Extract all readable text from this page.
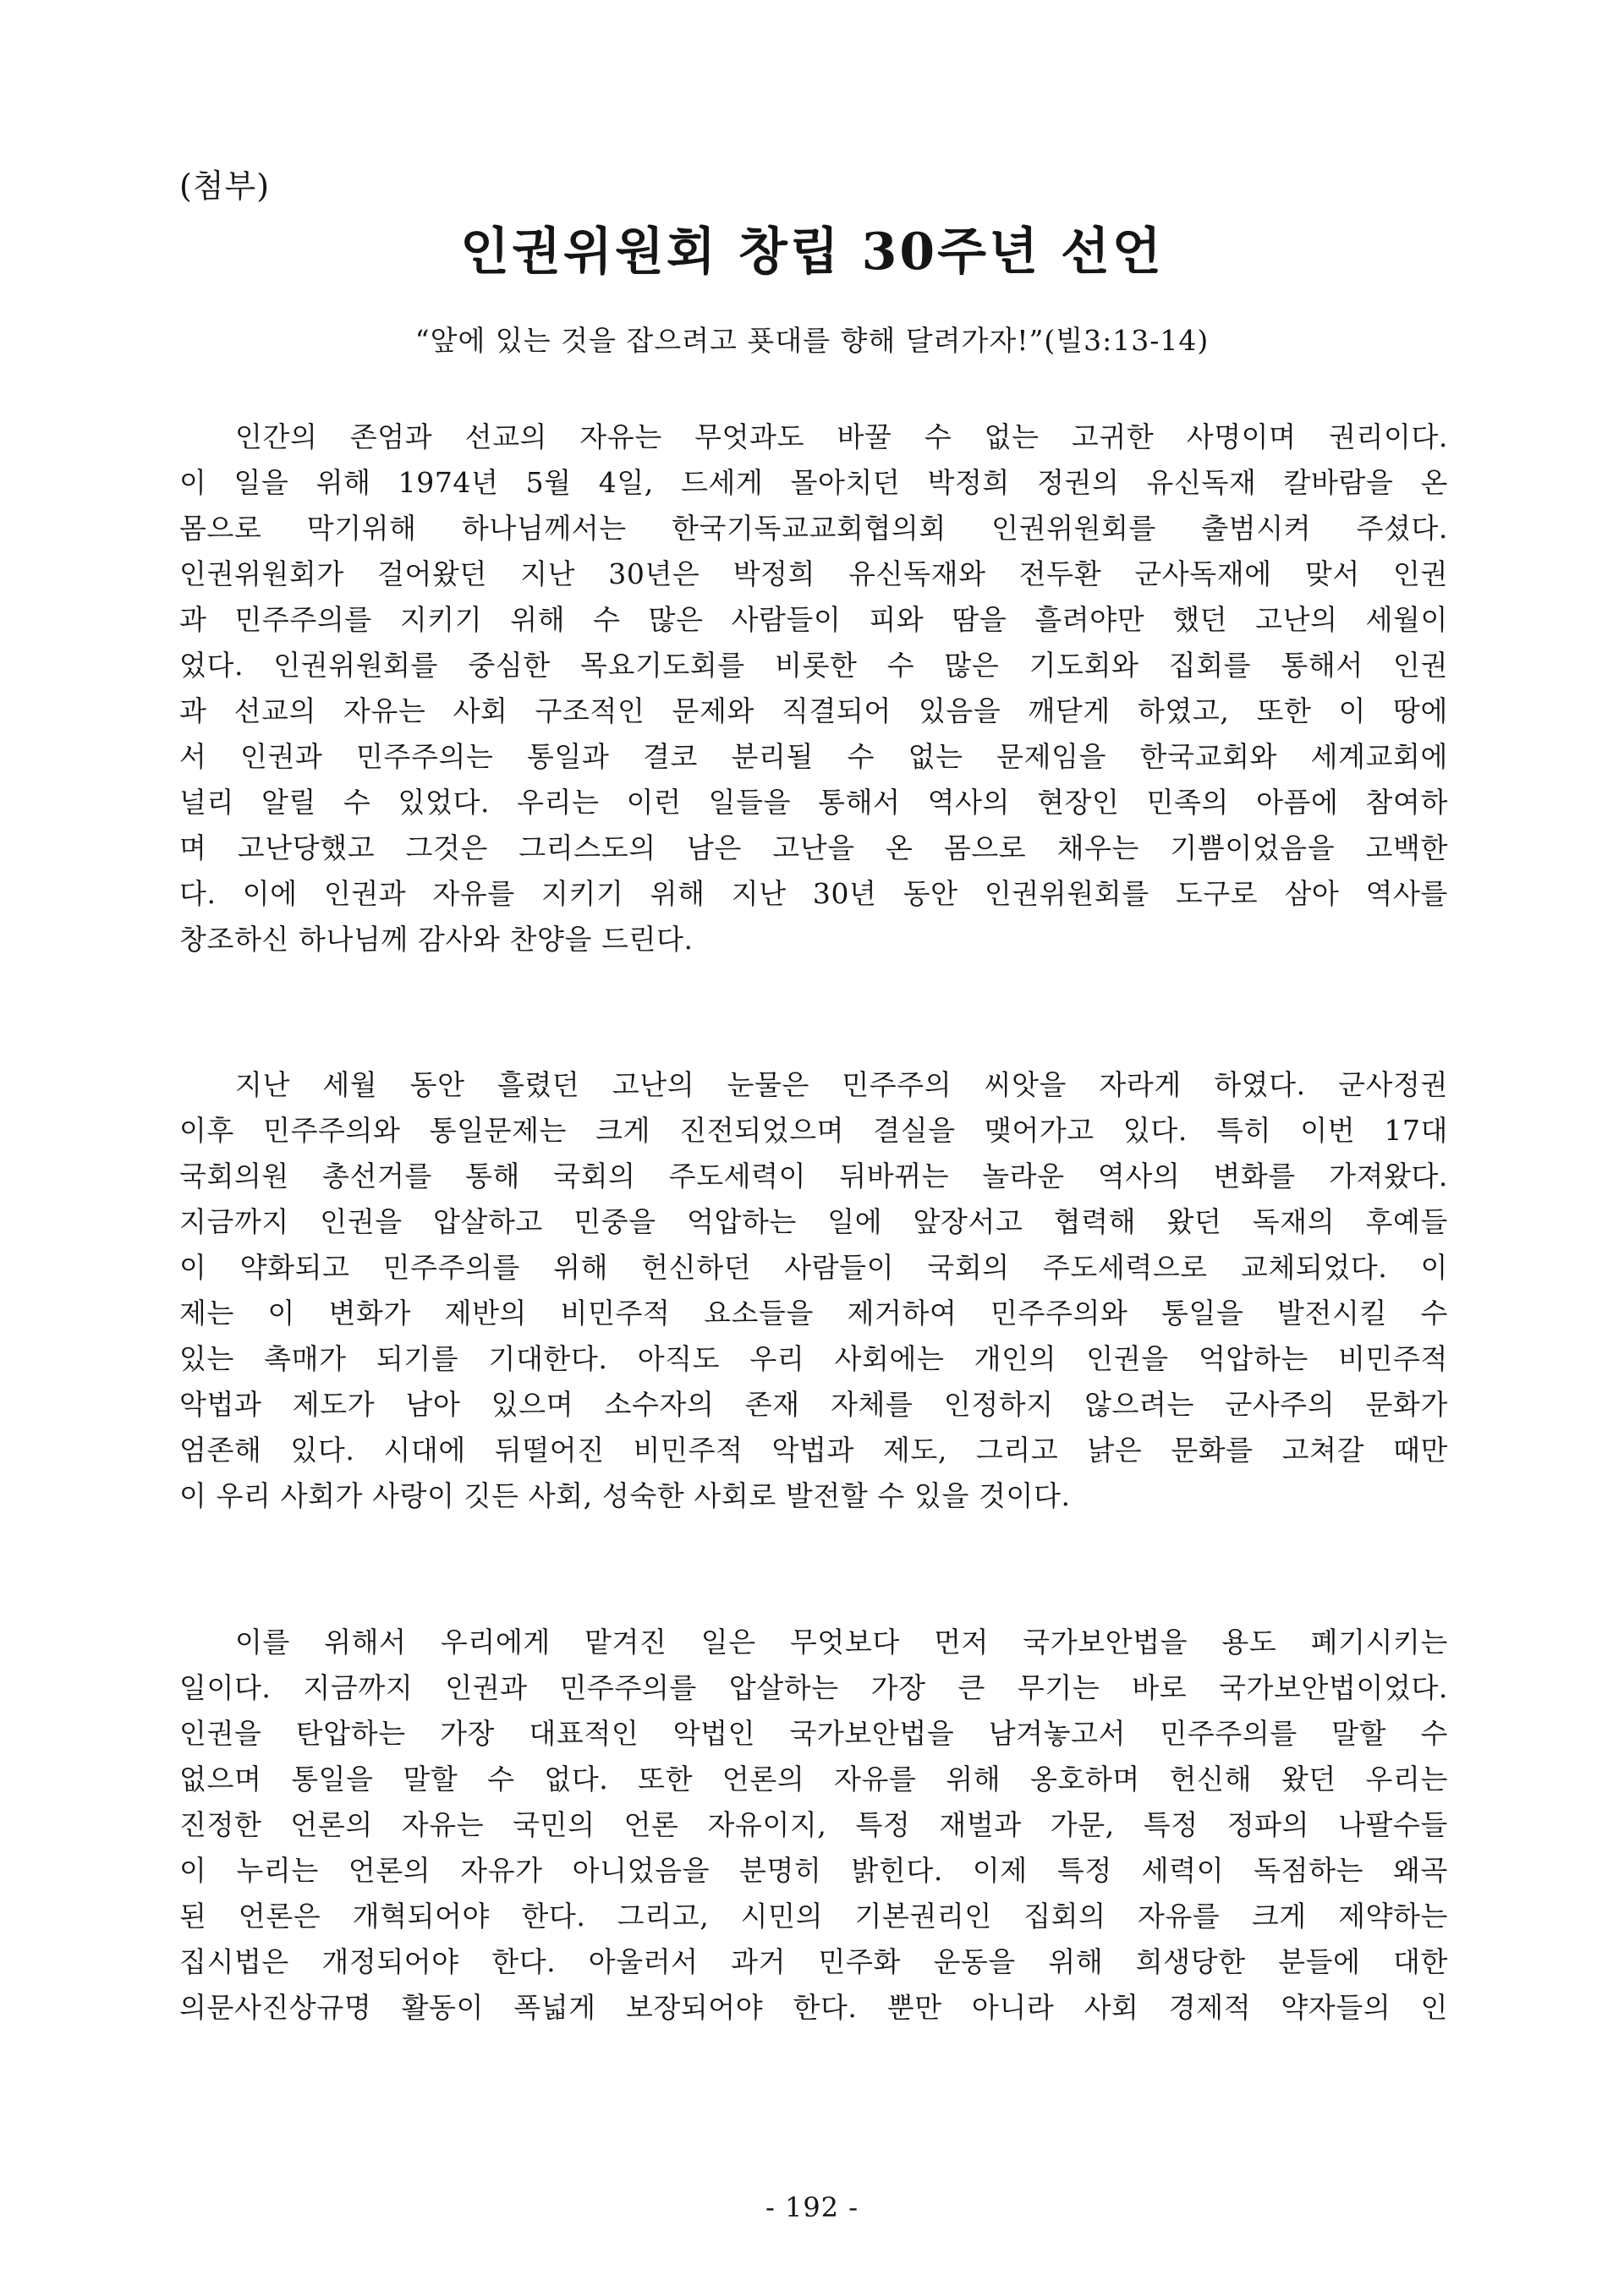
(첨부)
인권위원회 창립 30주년 선언
“앞에 있는 것을 잡으려고 푯대를 향해 달려가자!”(빌3:13-14)
인간의 존엄과 선교의 자유는 무엇과도 바꿀 수 없는 고귀한 사명이며 권리이다.
이 일을 위해 1974년 5월 4일, 드세게 몰아치던 박정희 정권의 유신독재 칼바람을 온
몸으로 막기위해 하나님께서는 한국기독교교회협의회 인권위원회를 출범시켜 주셨다.
인권위원회가 걸어왔던 지난 30년은 박정희 유신독재와 전두환 군사독재에 맞서 인권
과 민주주의를 지키기 위해 수 많은 사람들이 피와 땀을 흘려야만 했던 고난의 세월이
었다. 인권위원회를 중심한 목요기도회를 비롯한 수 많은 기도회와 집회를 통해서 인권
과 선교의 자유는 사회 구조적인 문제와 직결되어 있음을 깨닫게 하였고, 또한 이 땅에
서 인권과 민주주의는 통일과 결코 분리될 수 없는 문제임을 한국교회와 세계교회에
널리 알릴 수 있었다. 우리는 이런 일들을 통해서 역사의 현장인 민족의 아픔에 참여하
며 고난당했고 그것은 그리스도의 남은 고난을 온 몸으로 채우는 기쁨이었음을 고백한
다. 이에 인권과 자유를 지키기 위해 지난 30년 동안 인권위원회를 도구로 삼아 역사를
창조하신 하나님께 감사와 찬양을 드린다.
지난 세월 동안 흘렸던 고난의 눈물은 민주주의 씨앗을 자라게 하였다. 군사정권
이후 민주주의와 통일문제는 크게 진전되었으며 결실을 맺어가고 있다. 특히 이번 17대
국회의원 총선거를 통해 국회의 주도세력이 뒤바뀌는 놀라운 역사의 변화를 가져왔다.
지금까지 인권을 압살하고 민중을 억압하는 일에 앞장서고 협력해 왔던 독재의 후예들
이 약화되고 민주주의를 위해 헌신하던 사람들이 국회의 주도세력으로 교체되었다. 이
제는 이 변화가 제반의 비민주적 요소들을 제거하여 민주주의와 통일을 발전시킬 수
있는 촉매가 되기를 기대한다. 아직도 우리 사회에는 개인의 인권을 억압하는 비민주적
악법과 제도가 남아 있으며 소수자의 존재 자체를 인정하지 않으려는 군사주의 문화가
엄존해 있다. 시대에 뒤떨어진 비민주적 악법과 제도, 그리고 낡은 문화를 고쳐갈 때만
이 우리 사회가 사랑이 깃든 사회, 성숙한 사회로 발전할 수 있을 것이다.
이를 위해서 우리에게 맡겨진 일은 무엇보다 먼저 국가보안법을 용도 폐기시키는
일이다. 지금까지 인권과 민주주의를 압살하는 가장 큰 무기는 바로 국가보안법이었다.
인권을 탄압하는 가장 대표적인 악법인 국가보안법을 남겨놓고서 민주주의를 말할 수
없으며 통일을 말할 수 없다. 또한 언론의 자유를 위해 옹호하며 헌신해 왔던 우리는
진정한 언론의 자유는 국민의 언론 자유이지, 특정 재벌과 가문, 특정 정파의 나팔수들
이 누리는 언론의 자유가 아니었음을 분명히 밝힌다. 이제 특정 세력이 독점하는 왜곡
된 언론은 개혁되어야 한다. 그리고, 시민의 기본권리인 집회의 자유를 크게 제약하는
집시법은 개정되어야 한다. 아울러서 과거 민주화 운동을 위해 희생당한 분들에 대한
의문사진상규명 활동이 폭넓게 보장되어야 한다. 뿐만 아니라 사회 경제적 약자들의 인
- 192 -
